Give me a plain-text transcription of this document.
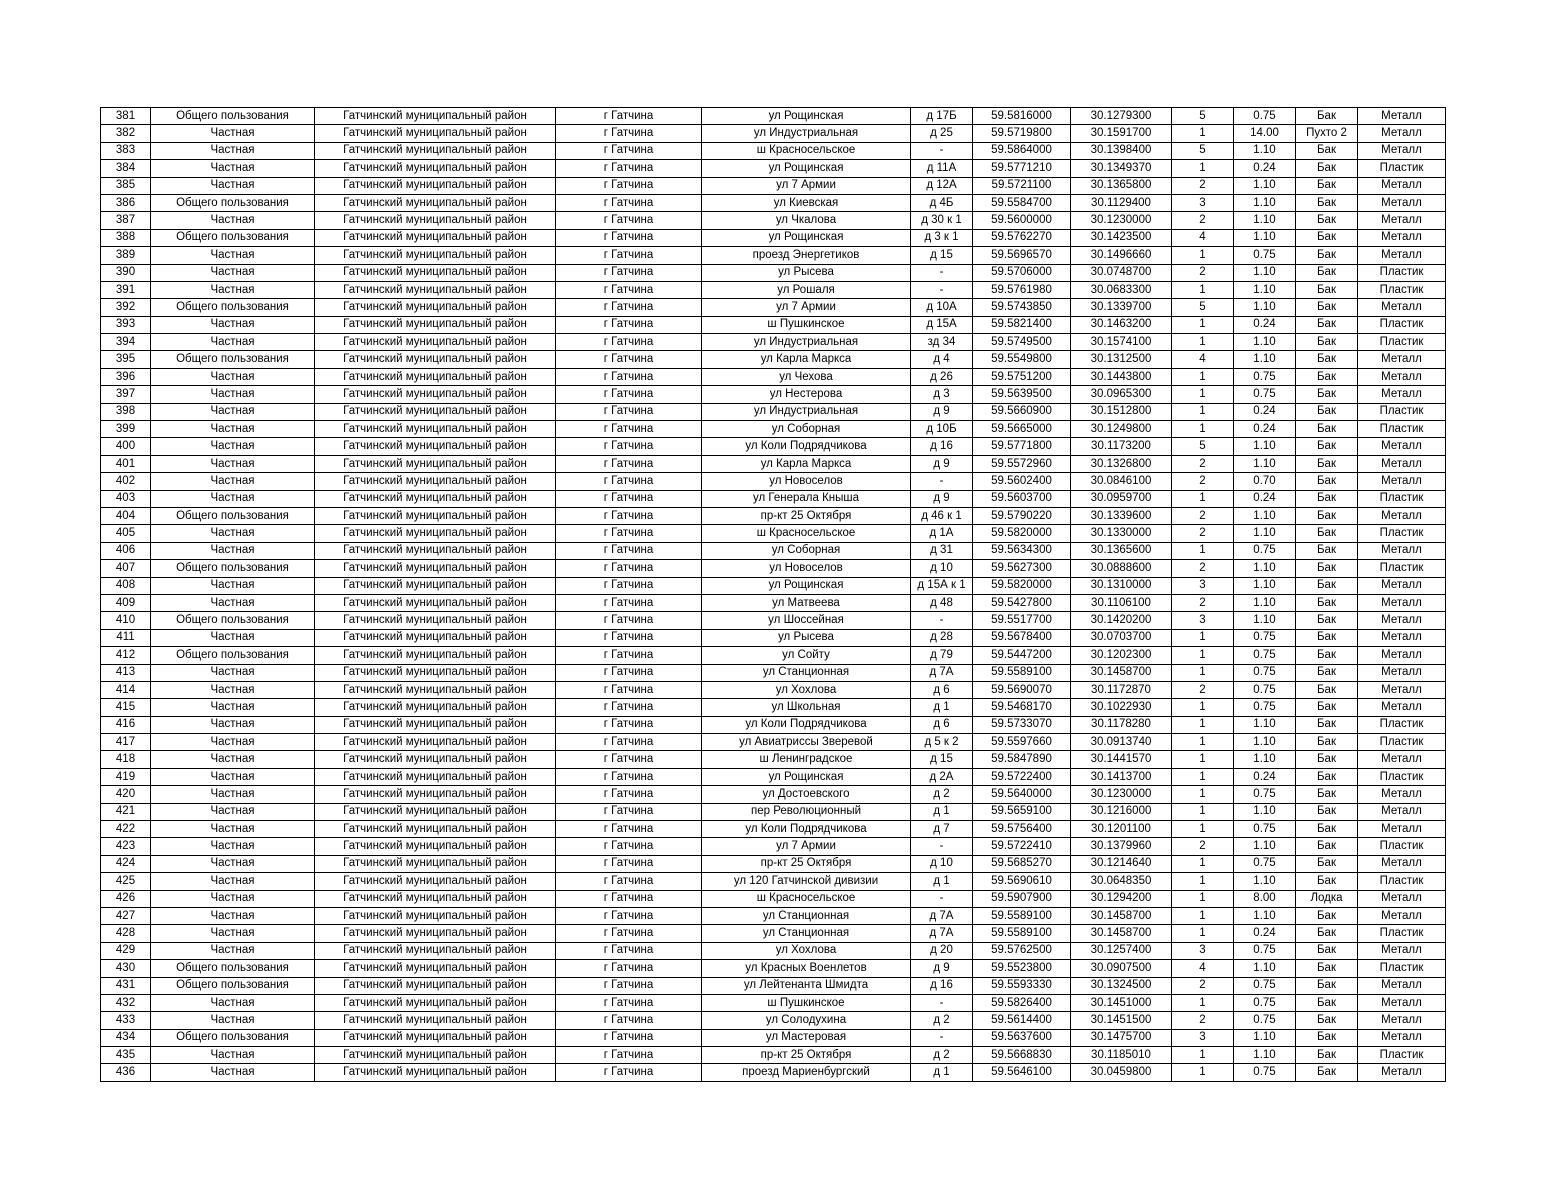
381	Общего пользования	Гатчинский муниципальный район	г Гатчина	ул Рощинская	д 17Б	59.5816000	30.1279300	5	0.75	Бак	Металл
382	Частная	Гатчинский муниципальный район	г Гатчина	ул Индустриальная	д 25	59.5719800	30.1591700	1	14.00	Пухто 2	Металл
383	Частная	Гатчинский муниципальный район	г Гатчина	ш Красносельское	-	59.5864000	30.1398400	5	1.10	Бак	Металл
384	Частная	Гатчинский муниципальный район	г Гатчина	ул Рощинская	д 11А	59.5771210	30.1349370	1	0.24	Бак	Пластик
385	Частная	Гатчинский муниципальный район	г Гатчина	ул 7 Армии	д 12А	59.5721100	30.1365800	2	1.10	Бак	Металл
386	Общего пользования	Гатчинский муниципальный район	г Гатчина	ул Киевская	д 4Б	59.5584700	30.1129400	3	1.10	Бак	Металл
387	Частная	Гатчинский муниципальный район	г Гатчина	ул Чкалова	д 30 к 1	59.5600000	30.1230000	2	1.10	Бак	Металл
388	Общего пользования	Гатчинский муниципальный район	г Гатчина	ул Рощинская	д 3 к 1	59.5762270	30.1423500	4	1.10	Бак	Металл
389	Частная	Гатчинский муниципальный район	г Гатчина	проезд Энергетиков	д 15	59.5696570	30.1496660	1	0.75	Бак	Металл
390	Частная	Гатчинский муниципальный район	г Гатчина	ул Рысева	-	59.5706000	30.0748700	2	1.10	Бак	Пластик
391	Частная	Гатчинский муниципальный район	г Гатчина	ул Рошаля	-	59.5761980	30.0683300	1	1.10	Бак	Пластик
392	Общего пользования	Гатчинский муниципальный район	г Гатчина	ул 7 Армии	д 10А	59.5743850	30.1339700	5	1.10	Бак	Металл
393	Частная	Гатчинский муниципальный район	г Гатчина	ш Пушкинское	д 15А	59.5821400	30.1463200	1	0.24	Бак	Пластик
394	Частная	Гатчинский муниципальный район	г Гатчина	ул Индустриальная	зд 34	59.5749500	30.1574100	1	1.10	Бак	Пластик
395	Общего пользования	Гатчинский муниципальный район	г Гатчина	ул Карла Маркса	д 4	59.5549800	30.1312500	4	1.10	Бак	Металл
396	Частная	Гатчинский муниципальный район	г Гатчина	ул Чехова	д 26	59.5751200	30.1443800	1	0.75	Бак	Металл
397	Частная	Гатчинский муниципальный район	г Гатчина	ул Нестерова	д 3	59.5639500	30.0965300	1	0.75	Бак	Металл
398	Частная	Гатчинский муниципальный район	г Гатчина	ул Индустриальная	д 9	59.5660900	30.1512800	1	0.24	Бак	Пластик
399	Частная	Гатчинский муниципальный район	г Гатчина	ул Соборная	д 10Б	59.5665000	30.1249800	1	0.24	Бак	Пластик
400	Частная	Гатчинский муниципальный район	г Гатчина	ул Коли Подрядчикова	д 16	59.5771800	30.1173200	5	1.10	Бак	Металл
401	Частная	Гатчинский муниципальный район	г Гатчина	ул Карла Маркса	д 9	59.5572960	30.1326800	2	1.10	Бак	Металл
402	Частная	Гатчинский муниципальный район	г Гатчина	ул Новоселов	-	59.5602400	30.0846100	2	0.70	Бак	Металл
403	Частная	Гатчинский муниципальный район	г Гатчина	ул Генерала Кныша	д 9	59.5603700	30.0959700	1	0.24	Бак	Пластик
404	Общего пользования	Гатчинский муниципальный район	г Гатчина	пр-кт 25 Октября	д 46 к 1	59.5790220	30.1339600	2	1.10	Бак	Металл
405	Частная	Гатчинский муниципальный район	г Гатчина	ш Красносельское	д 1А	59.5820000	30.1330000	2	1.10	Бак	Пластик
406	Частная	Гатчинский муниципальный район	г Гатчина	ул Соборная	д 31	59.5634300	30.1365600	1	0.75	Бак	Металл
407	Общего пользования	Гатчинский муниципальный район	г Гатчина	ул Новоселов	д 10	59.5627300	30.0888600	2	1.10	Бак	Пластик
408	Частная	Гатчинский муниципальный район	г Гатчина	ул Рощинская	д 15А к 1	59.5820000	30.1310000	3	1.10	Бак	Металл
409	Частная	Гатчинский муниципальный район	г Гатчина	ул Матвеева	д 48	59.5427800	30.1106100	2	1.10	Бак	Металл
410	Общего пользования	Гатчинский муниципальный район	г Гатчина	ул Шоссейная	-	59.5517700	30.1420200	3	1.10	Бак	Металл
411	Частная	Гатчинский муниципальный район	г Гатчина	ул Рысева	д 28	59.5678400	30.0703700	1	0.75	Бак	Металл
412	Общего пользования	Гатчинский муниципальный район	г Гатчина	ул Сойту	д 79	59.5447200	30.1202300	1	0.75	Бак	Металл
413	Частная	Гатчинский муниципальный район	г Гатчина	ул Станционная	д 7А	59.5589100	30.1458700	1	0.75	Бак	Металл
414	Частная	Гатчинский муниципальный район	г Гатчина	ул Хохлова	д 6	59.5690070	30.1172870	2	0.75	Бак	Металл
415	Частная	Гатчинский муниципальный район	г Гатчина	ул Школьная	д 1	59.5468170	30.1022930	1	0.75	Бак	Металл
416	Частная	Гатчинский муниципальный район	г Гатчина	ул Коли Подрядчикова	д 6	59.5733070	30.1178280	1	1.10	Бак	Пластик
417	Частная	Гатчинский муниципальный район	г Гатчина	ул Авиатриссы Зверевой	д 5 к 2	59.5597660	30.0913740	1	1.10	Бак	Пластик
418	Частная	Гатчинский муниципальный район	г Гатчина	ш Ленинградское	д 15	59.5847890	30.1441570	1	1.10	Бак	Металл
419	Частная	Гатчинский муниципальный район	г Гатчина	ул Рощинская	д 2А	59.5722400	30.1413700	1	0.24	Бак	Пластик
420	Частная	Гатчинский муниципальный район	г Гатчина	ул Достоевского	д 2	59.5640000	30.1230000	1	0.75	Бак	Металл
421	Частная	Гатчинский муниципальный район	г Гатчина	пер Революционный	д 1	59.5659100	30.1216000	1	1.10	Бак	Металл
422	Частная	Гатчинский муниципальный район	г Гатчина	ул Коли Подрядчикова	д 7	59.5756400	30.1201100	1	0.75	Бак	Металл
423	Частная	Гатчинский муниципальный район	г Гатчина	ул 7 Армии	-	59.5722410	30.1379960	2	1.10	Бак	Пластик
424	Частная	Гатчинский муниципальный район	г Гатчина	пр-кт 25 Октября	д 10	59.5685270	30.1214640	1	0.75	Бак	Металл
425	Частная	Гатчинский муниципальный район	г Гатчина	ул 120 Гатчинской дивизии	д 1	59.5690610	30.0648350	1	1.10	Бак	Пластик
426	Частная	Гатчинский муниципальный район	г Гатчина	ш Красносельское	-	59.5907900	30.1294200	1	8.00	Лодка	Металл
427	Частная	Гатчинский муниципальный район	г Гатчина	ул Станционная	д 7А	59.5589100	30.1458700	1	1.10	Бак	Металл
428	Частная	Гатчинский муниципальный район	г Гатчина	ул Станционная	д 7А	59.5589100	30.1458700	1	0.24	Бак	Пластик
429	Частная	Гатчинский муниципальный район	г Гатчина	ул Хохлова	д 20	59.5762500	30.1257400	3	0.75	Бак	Металл
430	Общего пользования	Гатчинский муниципальный район	г Гатчина	ул Красных Военлетов	д 9	59.5523800	30.0907500	4	1.10	Бак	Пластик
431	Общего пользования	Гатчинский муниципальный район	г Гатчина	ул Лейтенанта Шмидта	д 16	59.5593330	30.1324500	2	0.75	Бак	Металл
432	Частная	Гатчинский муниципальный район	г Гатчина	ш Пушкинское	-	59.5826400	30.1451000	1	0.75	Бак	Металл
433	Частная	Гатчинский муниципальный район	г Гатчина	ул Солодухина	д 2	59.5614400	30.1451500	2	0.75	Бак	Металл
434	Общего пользования	Гатчинский муниципальный район	г Гатчина	ул Мастеровая	-	59.5637600	30.1475700	3	1.10	Бак	Металл
435	Частная	Гатчинский муниципальный район	г Гатчина	пр-кт 25 Октября	д 2	59.5668830	30.1185010	1	1.10	Бак	Пластик
436	Частная	Гатчинский муниципальный район	г Гатчина	проезд Мариенбургский	д 1	59.5646100	30.0459800	1	0.75	Бак	Металл
